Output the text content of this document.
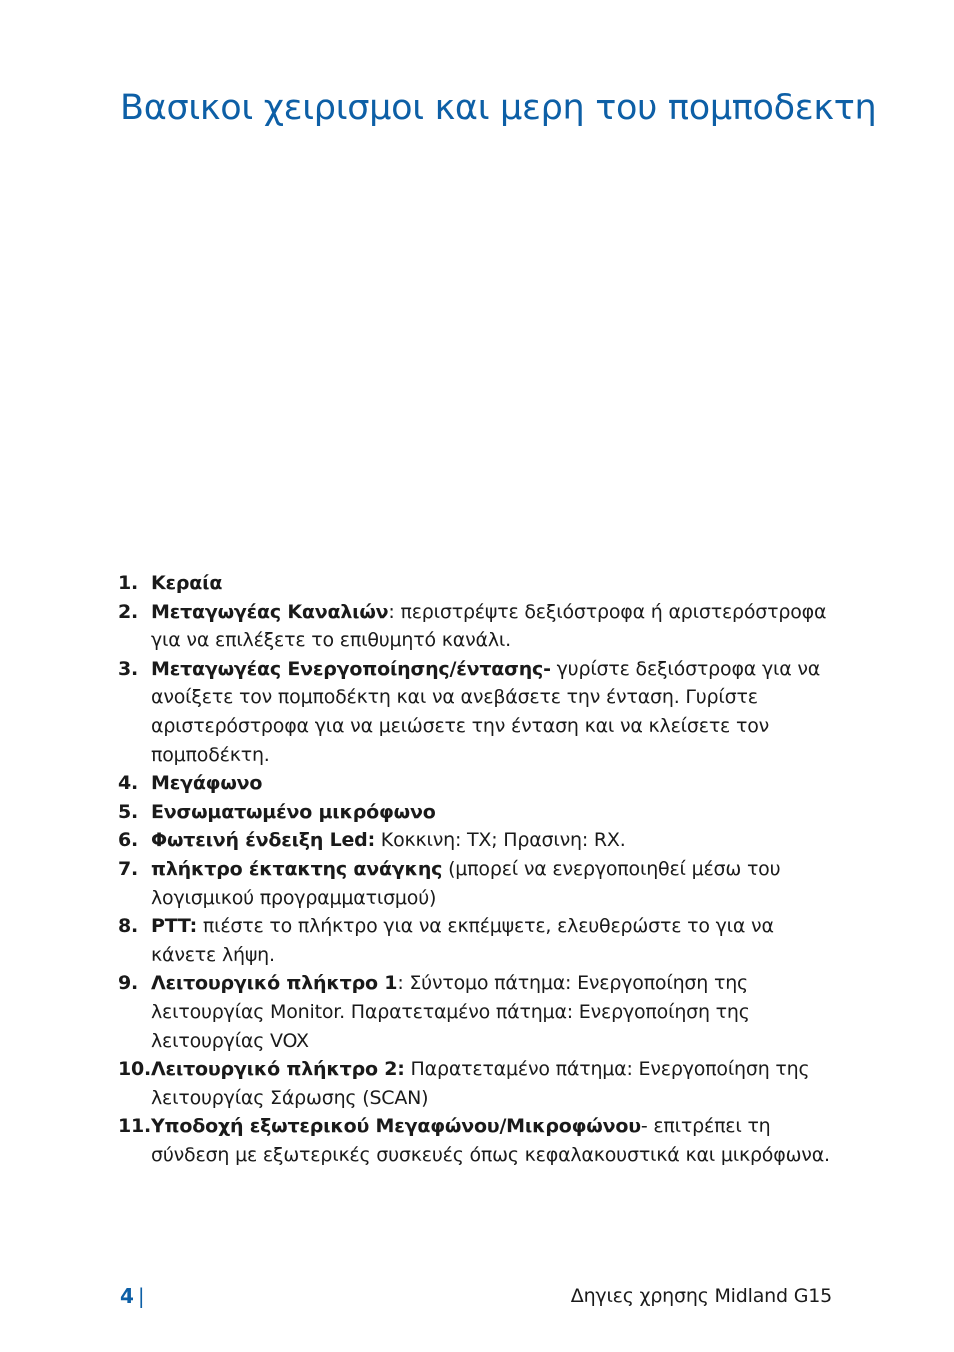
Βασικοι χειρισμοι και μερη του πομποδεκτη
1. Κεραία
2. Μεταγωγέας Καναλιών: περιστρέψτε δεξιόστροφα ή αριστερόστροφα για να επιλέξετε το επιθυμητό κανάλι.
3. Μεταγωγέας Ενεργοποίησης/έντασης- γυρίστε δεξιόστροφα για να ανοίξετε τον πομποδέκτη και να ανεβάσετε την ένταση. Γυρίστε αριστερόστροφα για να μειώσετε την ένταση και να κλείσετε τον πομποδέκτη.
4. Μεγάφωνο
5. Ενσωματωμένο μικρόφωνο
6. Φωτεινή ένδειξη Led: Κοκκινη: TX; Πρασινη: RX.
7. πλήκτρο έκτακτης ανάγκης (μπορεί να ενεργοποιηθεί μέσω του λογισμικού προγραμματισμού)
8. PTT: πιέστε το πλήκτρο για να εκπέμψετε, ελευθερώστε το για να κάνετε λήψη.
9. Λειτουργικό πλήκτρο 1: Σύντομο πάτημα: Ενεργοποίηση της λειτουργίας Monitor. Παρατεταμένο πάτημα: Ενεργοποίηση της λειτουργίας VOX
10. Λειτουργικό πλήκτρο 2: Παρατεταμένο πάτημα: Ενεργοποίηση της λειτουργίας Σάρωσης (SCAN)
11. Υποδοχή εξωτερικού Μεγαφώνου/Μικροφώνου- επιτρέπει τη σύνδεση με εξωτερικές συσκευές όπως κεφαλακουστικά και μικρόφωνα.
4 |	Δηγιες χρησης Midland G15
